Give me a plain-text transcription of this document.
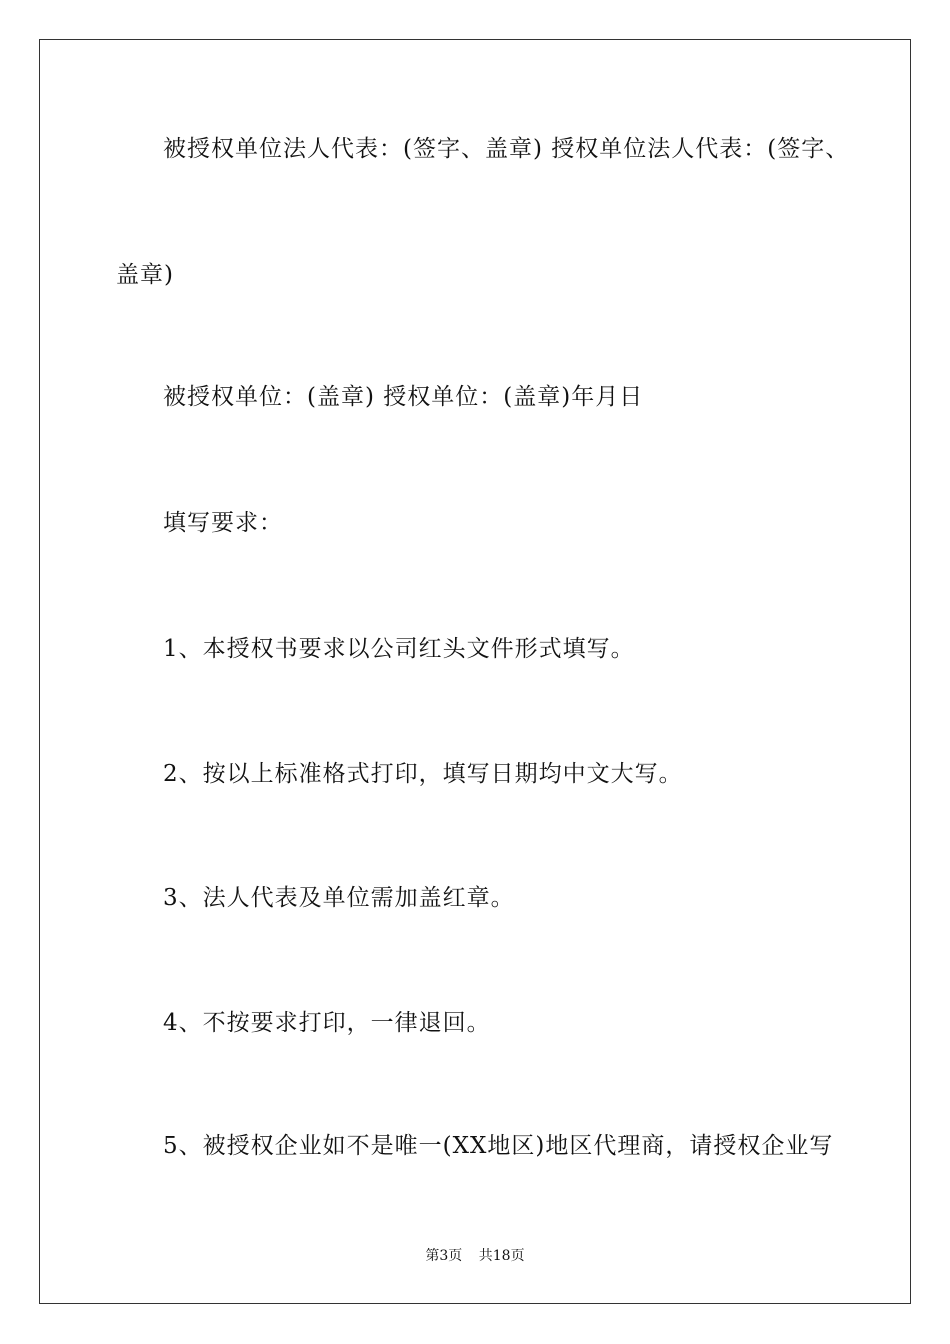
被授权单位法人代表：(签字、盖章) 授权单位法人代表：(签字、
盖章)
被授权单位：(盖章) 授权单位：(盖章)年月日
填写要求：
1、本授权书要求以公司红头文件形式填写。
2、按以上标准格式打印，填写日期均中文大写。
3、法人代表及单位需加盖红章。
4、不按要求打印，一律退回。
5、被授权企业如不是唯一(XX地区)地区代理商，请授权企业写
第3页 共18页
